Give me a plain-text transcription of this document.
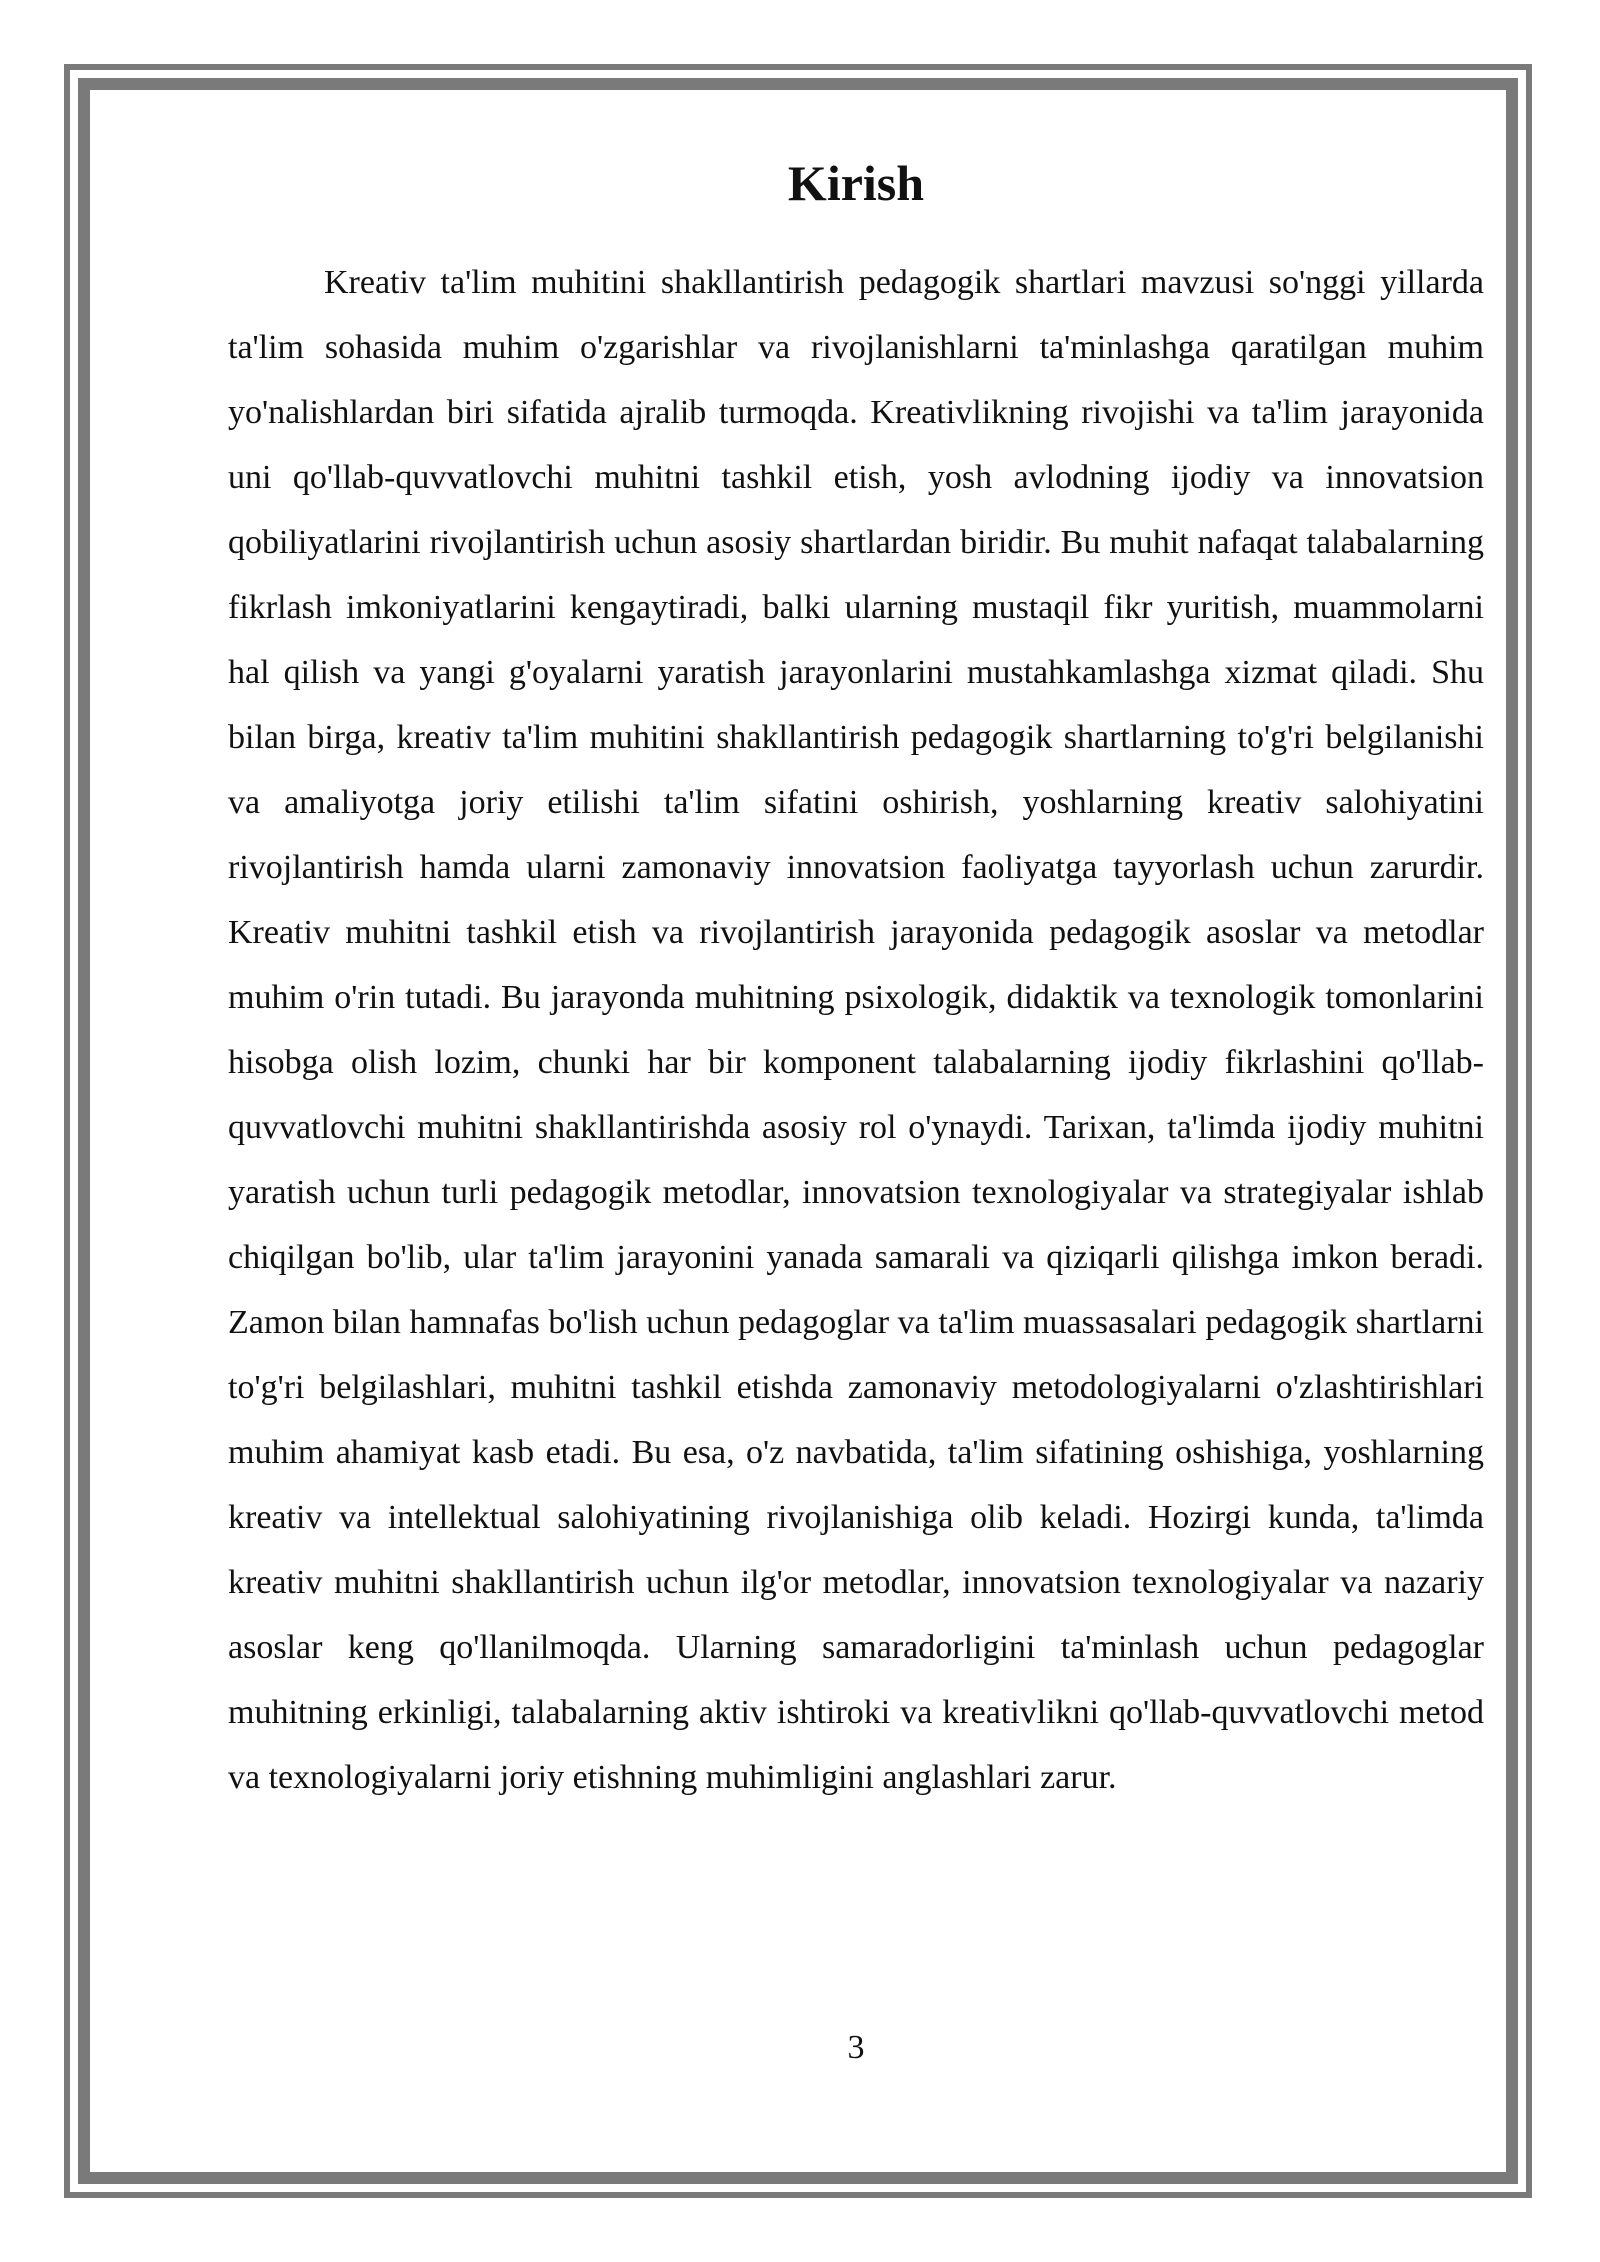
Kirish

Kreativ ta'lim muhitini shakllantirish pedagogik shartlari mavzusi so'nggi yillarda ta'lim sohasida muhim o'zgarishlar va rivojlanishlarni ta'minlashga qaratilgan muhim yo'nalishlardan biri sifatida ajralib turmoqda. Kreativlikning rivojishi va ta'lim jarayonida uni qo'llab-quvvatlovchi muhitni tashkil etish, yosh avlodning ijodiy va innovatsion qobiliyatlarini rivojlantirish uchun asosiy shartlardan biridir. Bu muhit nafaqat talabalarning fikrlash imkoniyatlarini kengaytiradi, balki ularning mustaqil fikr yuritish, muammolarni hal qilish va yangi g'oyalarni yaratish jarayonlarini mustahkamlashga xizmat qiladi. Shu bilan birga, kreativ ta'lim muhitini shakllantirish pedagogik shartlarning to'g'ri belgilanishi va amaliyotga joriy etilishi ta'lim sifatini oshirish, yoshlarning kreativ salohiyatini rivojlantirish hamda ularni zamonaviy innovatsion faoliyatga tayyorlash uchun zarurdir. Kreativ muhitni tashkil etish va rivojlantirish jarayonida pedagogik asoslar va metodlar muhim o'rin tutadi. Bu jarayonda muhitning psixologik, didaktik va texnologik tomonlarini hisobga olish lozim, chunki har bir komponent talabalarning ijodiy fikrlashini qo'llab-quvvatlovchi muhitni shakllantirishda asosiy rol o'ynaydi. Tarixan, ta'limda ijodiy muhitni yaratish uchun turli pedagogik metodlar, innovatsion texnologiyalar va strategiyalar ishlab chiqilgan bo'lib, ular ta'lim jarayonini yanada samarali va qiziqarli qilishga imkon beradi. Zamon bilan hamnafas bo'lish uchun pedagoglar va ta'lim muassasalari pedagogik shartlarni to'g'ri belgilashlari, muhitni tashkil etishda zamonaviy metodologiyalarni o'zlashtirishlari muhim ahamiyat kasb etadi. Bu esa, o'z navbatida, ta'lim sifatining oshishiga, yoshlarning kreativ va intellektual salohiyatining rivojlanishiga olib keladi. Hozirgi kunda, ta'limda kreativ muhitni shakllantirish uchun ilg'or metodlar, innovatsion texnologiyalar va nazariy asoslar keng qo'llanilmoqda. Ularning samaradorligini ta'minlash uchun pedagoglar muhitning erkinligi, talabalarning aktiv ishtiroki va kreativlikni qo'llab-quvvatlovchi metod va texnologiyalarni joriy etishning muhimligini anglashlari zarur.

3
